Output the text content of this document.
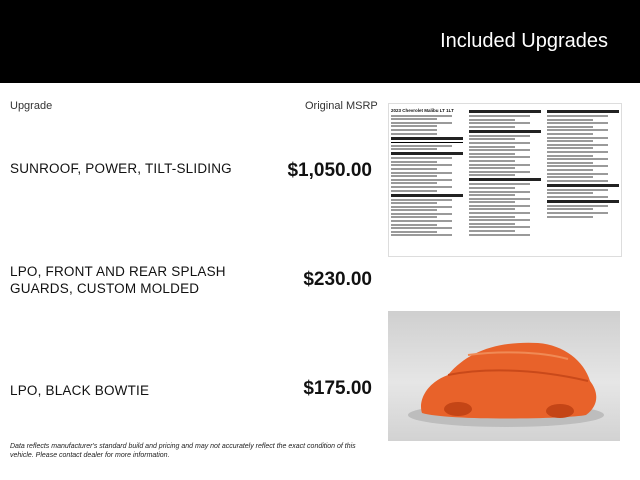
Included Upgrades
Upgrade	Original MSRP
SUNROOF, POWER, TILT-SLIDING	$1,050.00
LPO, FRONT AND REAR SPLASH GUARDS, CUSTOM MOLDED	$230.00
LPO, BLACK BOWTIE	$175.00
2023 Chevrolet Malibu LT 1LT
Data reflects manufacturer's standard build and pricing and may not accurately reflect the exact condition of this vehicle. Please contact dealer for more information.
